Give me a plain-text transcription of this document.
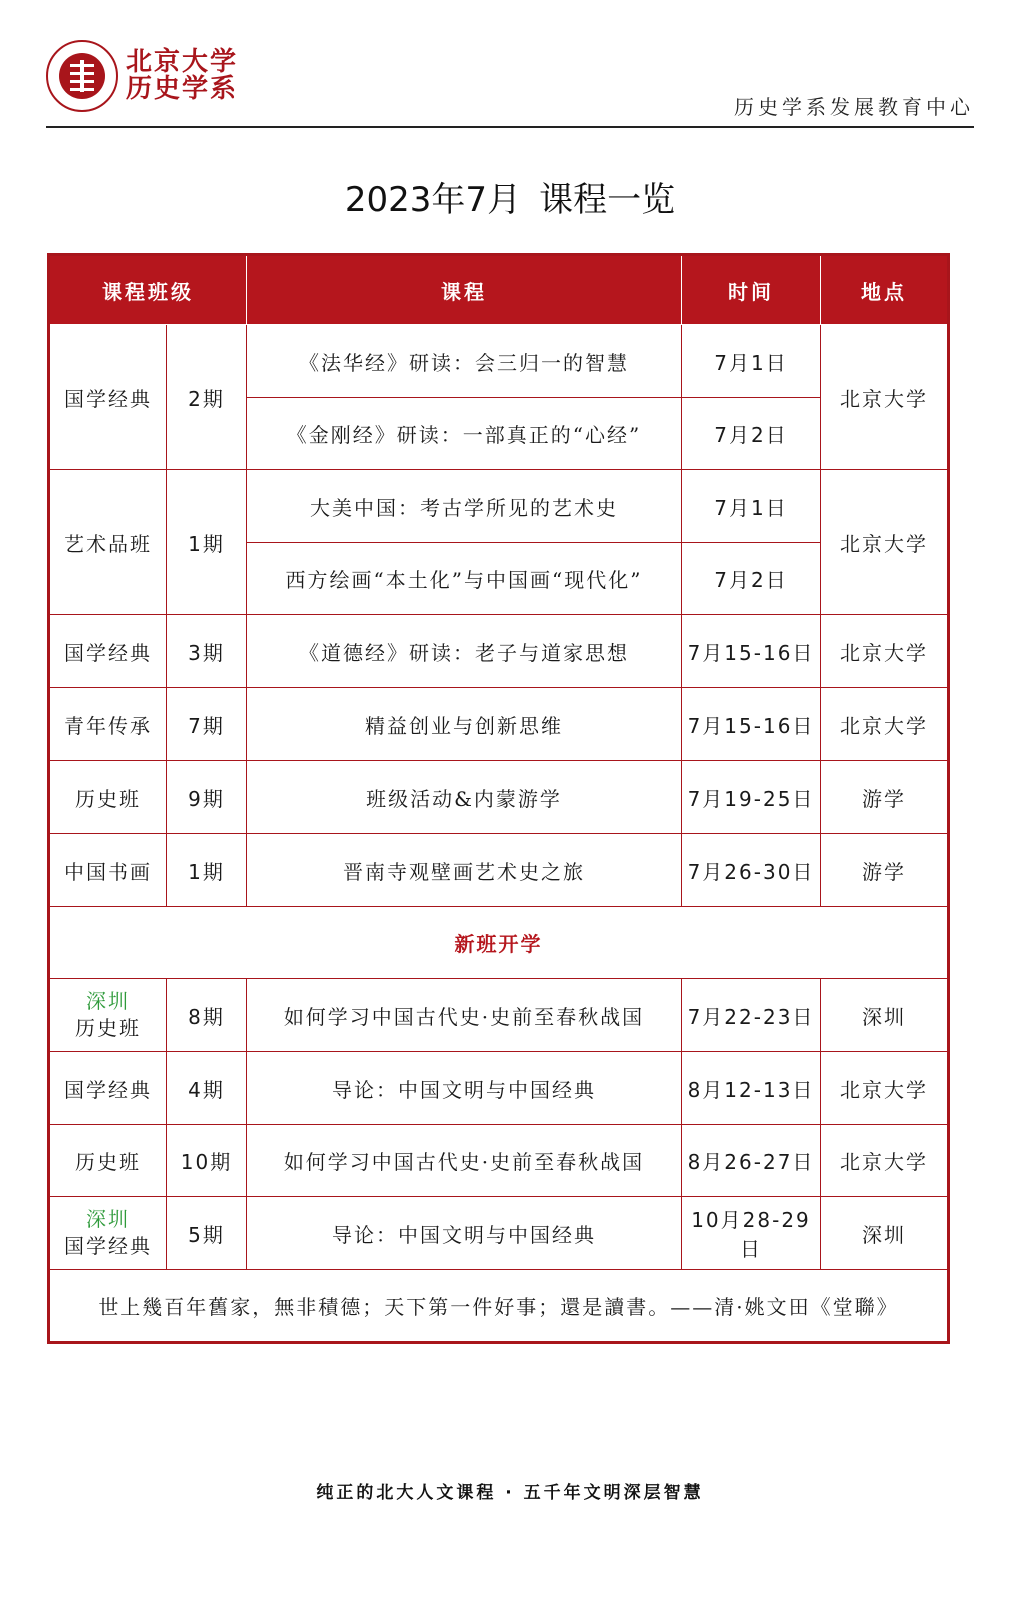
北京大学
历史学系
历史学系发展教育中心
2023年7月 课程一览
课程班级		课程	时间	地点
国学经典	2期	《法华经》研读：会三归一的智慧	7月1日	北京大学
		《金刚经》研读：一部真正的“心经”	7月2日	
艺术品班	1期	大美中国：考古学所见的艺术史	7月1日	北京大学
		西方绘画“本土化”与中国画“现代化”	7月2日	
国学经典	3期	《道德经》研读：老子与道家思想	7月15-16日	北京大学
青年传承	7期	精益创业与创新思维	7月15-16日	北京大学
历史班	9期	班级活动&内蒙游学	7月19-25日	游学
中国书画	1期	晋南寺观壁画艺术史之旅	7月26-30日	游学
新班开学				

深圳
历史班	8期	如何学习中国古代史·史前至春秋战国	7月22-23日	深圳
国学经典	4期	导论：中国文明与中国经典	8月12-13日	北京大学
历史班	10期	如何学习中国古代史·史前至春秋战国	8月26-27日	北京大学

深圳
国学经典	5期	导论：中国文明与中国经典	10月28-29日	深圳
世上幾百年舊家，無非積德；天下第一件好事；還是讀書。——清·姚文田《堂聯》				
纯正的北大人文课程 · 五千年文明深层智慧
